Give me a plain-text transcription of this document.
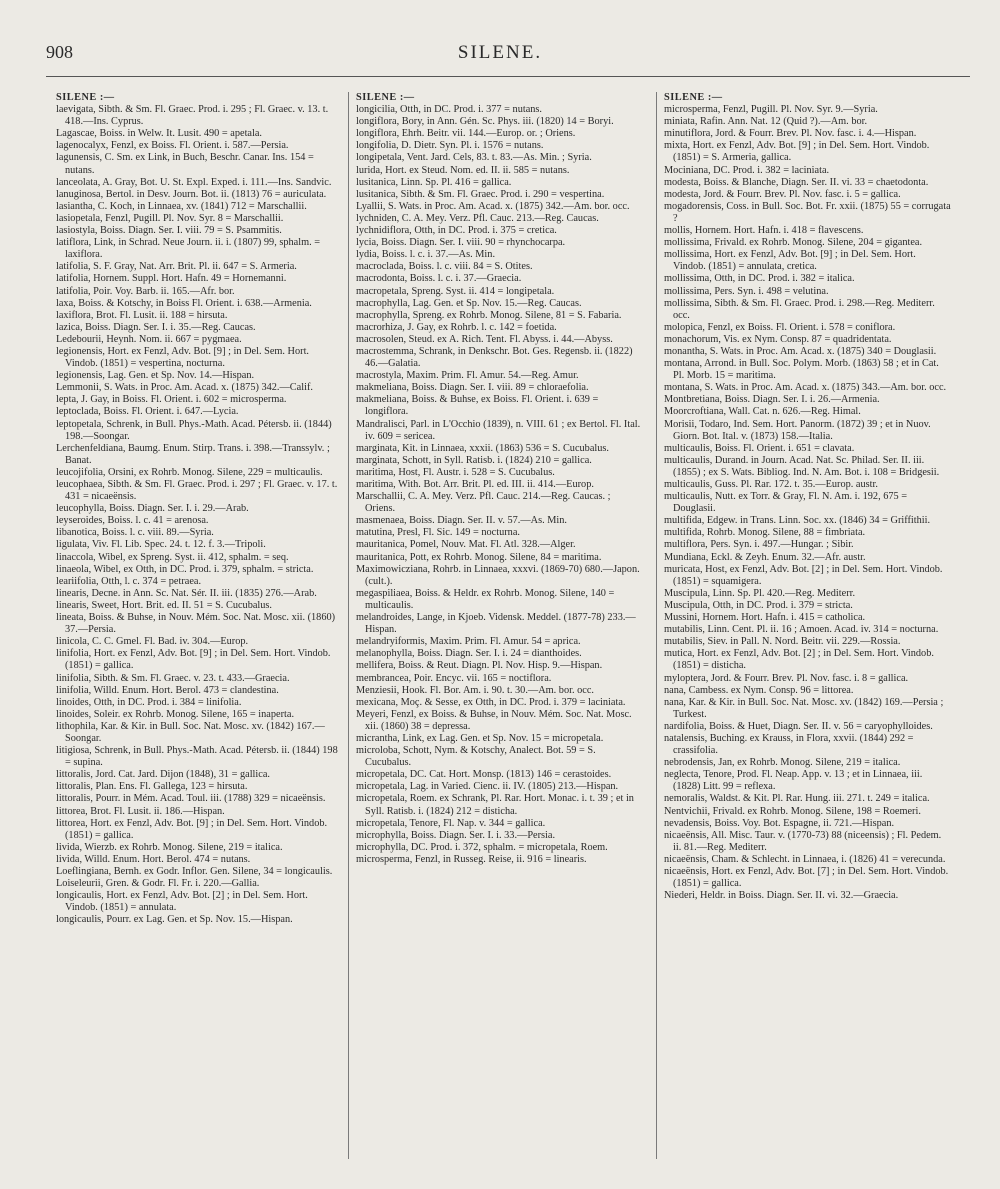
908	SILENE.
SILENE :—
laevigata, Sibth. & Sm. Fl. Graec. Prod. i. 295 ; Fl. Graec. v. 13. t. 418.—Ins. Cyprus.
Lagascae, Boiss. in Welw. It. Lusit. 490 = apetala.
lagenocalyx, Fenzl, ex Boiss. Fl. Orient. i. 587.—Persia.
lagunensis, C. Sm. ex Link, in Buch, Beschr. Canar. Ins. 154 = nutans.
lanceolata, A. Gray, Bot. U. St. Expl. Exped. i. 111.—Ins. Sandvic.
lanuginosa, Bertol. in Desv. Journ. Bot. ii. (1813) 76 = auriculata.
lasiantha, C. Koch, in Linnaea, xv. (1841) 712 = Marschallii.
lasiopetala, Fenzl, Pugill. Pl. Nov. Syr. 8 = Marschallii.
lasiostyla, Boiss. Diagn. Ser. I. viii. 79 = S. Psammitis.
latiflora, Link, in Schrad. Neue Journ. ii. i. (1807) 99, sphalm. = laxiflora.
latifolia, S. F. Gray, Nat. Arr. Brit. Pl. ii. 647 = S. Armeria.
latifolia, Hornem. Suppl. Hort. Hafn. 49 = Hornemanni.
latifolia, Poir. Voy. Barb. ii. 165.—Afr. bor.
laxa, Boiss. & Kotschy, in Boiss Fl. Orient. i. 638.—Armenia.
laxiflora, Brot. Fl. Lusit. ii. 188 = hirsuta.
lazica, Boiss. Diagn. Ser. I. i. 35.—Reg. Caucas.
Ledebourii, Heynh. Nom. ii. 667 = pygmaea.
legionensis, Hort. ex Fenzl, Adv. Bot. [9] ; in Del. Sem. Hort. Vindob. (1851) = vespertina, nocturna.
legionensis, Lag. Gen. et Sp. Nov. 14.—Hispan.
Lemmonii, S. Wats. in Proc. Am. Acad. x. (1875) 342.—Calif.
lepta, J. Gay, in Boiss. Fl. Orient. i. 602 = microsperma.
leptoclada, Boiss. Fl. Orient. i. 647.—Lycia.
leptopetala, Schrenk, in Bull. Phys.-Math. Acad. Pétersb. ii. (1844) 198.—Soongar.
Lerchenfeldiana, Baumg. Enum. Stirp. Trans. i. 398.—Transsylv. ; Banat.
leucojifolia, Orsini, ex Rohrb. Monog. Silene, 229 = multicaulis.
leucophaea, Sibth. & Sm. Fl. Graec. Prod. i. 297 ; Fl. Graec. v. 17. t. 431 = nicaeënsis.
leucophylla, Boiss. Diagn. Ser. I. i. 29.—Arab.
leyseroides, Boiss. l. c. 41 = arenosa.
libanotica, Boiss. l. c. viii. 89.—Syria.
ligulata, Viv. Fl. Lib. Spec. 24. t. 12. f. 3.—Tripoli.
linaccola, Wibel, ex Spreng. Syst. ii. 412, sphalm. = seq.
linaeola, Wibel, ex Otth, in DC. Prod. i. 379, sphalm. = stricta.
leariifolia, Otth, l. c. 374 = petraea.
linearis, Decne. in Ann. Sc. Nat. Sér. II. iii. (1835) 276.—Arab.
linearis, Sweet, Hort. Brit. ed. II. 51 = S. Cucubalus.
lineata, Boiss. & Buhse, in Nouv. Mém. Soc. Nat. Mosc. xii. (1860) 37.—Persia.
linicola, C. C. Gmel. Fl. Bad. iv. 304.—Europ.
linifolia, Hort. ex Fenzl, Adv. Bot. [9] ; in Del. Sem. Hort. Vindob. (1851) = gallica.
linifolia, Sibth. & Sm. Fl. Graec. v. 23. t. 433.—Graecia.
linifolia, Willd. Enum. Hort. Berol. 473 = clandestina.
linoides, Otth, in DC. Prod. i. 384 = linifolia.
linoides, Soleir. ex Rohrb. Monog. Silene, 165 = inaperta.
lithophila, Kar. & Kir. in Bull. Soc. Nat. Mosc. xv. (1842) 167.—Soongar.
litigiosa, Schrenk, in Bull. Phys.-Math. Acad. Pétersb. ii. (1844) 198 = supina.
littoralis, Jord. Cat. Jard. Dijon (1848), 31 = gallica.
littoralis, Plan. Ens. Fl. Gallega, 123 = hirsuta.
littoralis, Pourr. in Mém. Acad. Toul. iii. (1788) 329 = nicaeënsis.
littorea, Brot. Fl. Lusit. ii. 186.—Hispan.
littorea, Hort. ex Fenzl, Adv. Bot. [9] ; in Del. Sem. Hort. Vindob. (1851) = gallica.
livida, Wierzb. ex Rohrb. Monog. Silene, 219 = italica.
livida, Willd. Enum. Hort. Berol. 474 = nutans.
Loeflingiana, Bernh. ex Godr. Inflor. Gen. Silene, 34 = longicaulis.
Loiseleurii, Gren. & Godr. Fl. Fr. i. 220.—Gallia.
longicaulis, Hort. ex Fenzl, Adv. Bot. [2] ; in Del. Sem. Hort. Vindob. (1851) = annulata.
longicaulis, Pourr. ex Lag. Gen. et Sp. Nov. 15.—Hispan.
SILENE :—
longicilia, Otth, in DC. Prod. i. 377 = nutans.
longiflora, Bory, in Ann. Gén. Sc. Phys. iii. (1820) 14 = Boryi.
longiflora, Ehrh. Beitr. vii. 144.—Europ. or. ; Oriens.
longifolia, D. Dietr. Syn. Pl. i. 1576 = nutans.
longipetala, Vent. Jard. Cels, 83. t. 83.—As. Min. ; Syria.
lurida, Hort. ex Steud. Nom. ed. II. ii. 585 = nutans.
lusitanica, Linn. Sp. Pl. 416 = gallica.
lusitanica, Sibth. & Sm. Fl. Graec. Prod. i. 290 = vespertina.
Lyallii, S. Wats. in Proc. Am. Acad. x. (1875) 342.—Am. bor. occ.
lychniden, C. A. Mey. Verz. Pfl. Cauc. 213.—Reg. Caucas.
lychnidiflora, Otth, in DC. Prod. i. 375 = cretica.
lycia, Boiss. Diagn. Ser. I. viii. 90 = rhynchocarpa.
lydia, Boiss. l. c. i. 37.—As. Min.
macroclada, Boiss. l. c. viii. 84 = S. Otites.
macrodonta, Boiss. l. c. i. 37.—Graecia.
macropetala, Spreng. Syst. ii. 414 = longipetala.
macrophylla, Lag. Gen. et Sp. Nov. 15.—Reg. Caucas.
macrophylla, Spreng. ex Rohrb. Monog. Silene, 81 = S. Fabaria.
macrorhiza, J. Gay, ex Rohrb. l. c. 142 = foetida.
macrosolen, Steud. ex A. Rich. Tent. Fl. Abyss. i. 44.—Abyss.
macrostemma, Schrank, in Denkschr. Bot. Ges. Regensb. ii. (1822) 46.—Galatia.
macrostyla, Maxim. Prim. Fl. Amur. 54.—Reg. Amur.
makmeliana, Boiss. Diagn. Ser. I. viii. 89 = chloraefolia.
makmeliana, Boiss. & Buhse, ex Boiss. Fl. Orient. i. 639 = longiflora.
Mandralisci, Parl. in L'Occhio (1839), n. VIII. 61 ; ex Bertol. Fl. Ital. iv. 609 = sericea.
marginata, Kit. in Linnaea, xxxii. (1863) 536 = S. Cucubalus.
marginata, Schott, in Syll. Ratisb. i. (1824) 210 = gallica.
maritima, Host, Fl. Austr. i. 528 = S. Cucubalus.
maritima, With. Bot. Arr. Brit. Pl. ed. III. ii. 414.—Europ.
Marschallii, C. A. Mey. Verz. Pfl. Cauc. 214.—Reg. Caucas. ; Oriens.
masmenaea, Boiss. Diagn. Ser. II. v. 57.—As. Min.
matutina, Presl, Fl. Sic. 149 = nocturna.
mauritanica, Pomel, Nouv. Mat. Fl. Atl. 328.—Alger.
mauritanica, Pott, ex Rohrb. Monog. Silene, 84 = maritima.
Maximowicziana, Rohrb. in Linnaea, xxxvi. (1869-70) 680.—Japon. (cult.).
megaspiliaea, Boiss. & Heldr. ex Rohrb. Monog. Silene, 140 = multicaulis.
melandroides, Lange, in Kjoeb. Vidensk. Meddel. (1877-78) 233.—Hispan.
melandryiformis, Maxim. Prim. Fl. Amur. 54 = aprica.
melanophylla, Boiss. Diagn. Ser. I. i. 24 = dianthoides.
mellifera, Boiss. & Reut. Diagn. Pl. Nov. Hisp. 9.—Hispan.
membrancea, Poir. Encyc. vii. 165 = noctiflora.
Menziesii, Hook. Fl. Bor. Am. i. 90. t. 30.—Am. bor. occ.
mexicana, Moç. & Sesse, ex Otth, in DC. Prod. i. 379 = laciniata.
Meyeri, Fenzl, ex Boiss. & Buhse, in Nouv. Mém. Soc. Nat. Mosc. xii. (1860) 38 = depressa.
micrantha, Link, ex Lag. Gen. et Sp. Nov. 15 = micropetala.
microloba, Schott, Nym. & Kotschy, Analect. Bot. 59 = S. Cucubalus.
micropetala, DC. Cat. Hort. Monsp. (1813) 146 = cerastoides.
micropetala, Lag. in Varied. Cienc. ii. IV. (1805) 213.—Hispan.
micropetala, Roem. ex Schrank, Pl. Rar. Hort. Monac. i. t. 39 ; et in Syll. Ratisb. i. (1824) 212 = disticha.
micropetala, Tenore, Fl. Nap. v. 344 = gallica.
microphylla, Boiss. Diagn. Ser. I. i. 33.—Persia.
microphylla, DC. Prod. i. 372, sphalm. = micropetala, Roem.
microsperma, Fenzl, in Russeg. Reise, ii. 916 = linearis.
SILENE :—
microsperma, Fenzl, Pugill. Pl. Nov. Syr. 9.—Syria.
miniata, Rafin. Ann. Nat. 12 (Quid ?).—Am. bor.
minutiflora, Jord. & Fourr. Brev. Pl. Nov. fasc. i. 4.—Hispan.
mixta, Hort. ex Fenzl, Adv. Bot. [9] ; in Del. Sem. Hort. Vindob. (1851) = S. Armeria, gallica.
Mociniana, DC. Prod. i. 382 = laciniata.
modesta, Boiss. & Blanche, Diagn. Ser. II. vi. 33 = chaetodonta.
modesta, Jord. & Fourr. Brev. Pl. Nov. fasc. i. 5 = gallica.
mogadorensis, Coss. in Bull. Soc. Bot. Fr. xxii. (1875) 55 = corrugata ?
mollis, Hornem. Hort. Hafn. i. 418 = flavescens.
mollissima, Frivald. ex Rohrb. Monog. Silene, 204 = gigantea.
mollissima, Hort. ex Fenzl, Adv. Bot. [9] ; in Del. Sem. Hort. Vindob. (1851) = annulata, cretica.
mollissima, Otth, in DC. Prod. i. 382 = italica.
mollissima, Pers. Syn. i. 498 = velutina.
mollissima, Sibth. & Sm. Fl. Graec. Prod. i. 298.—Reg. Mediterr. occ.
molopica, Fenzl, ex Boiss. Fl. Orient. i. 578 = coniflora.
monachorum, Vis. ex Nym. Consp. 87 = quadridentata.
monantha, S. Wats. in Proc. Am. Acad. x. (1875) 340 = Douglasii.
montana, Arrond. in Bull. Soc. Polym. Morb. (1863) 58 ; et in Cat. Pl. Morb. 15 = maritima.
montana, S. Wats. in Proc. Am. Acad. x. (1875) 343.—Am. bor. occ.
Montbretiana, Boiss. Diagn. Ser. I. i. 26.—Armenia.
Moorcroftiana, Wall. Cat. n. 626.—Reg. Himal.
Morisii, Todaro, Ind. Sem. Hort. Panorm. (1872) 39 ; et in Nuov. Giorn. Bot. Ital. v. (1873) 158.—Italia.
multicaulis, Boiss. Fl. Orient. i. 651 = clavata.
multicaulis, Durand. in Journ. Acad. Nat. Sc. Philad. Ser. II. iii. (1855) ; ex S. Wats. Bibliog. Ind. N. Am. Bot. i. 108 = Bridgesii.
multicaulis, Guss. Pl. Rar. 172. t. 35.—Europ. austr.
multicaulis, Nutt. ex Torr. & Gray, Fl. N. Am. i. 192, 675 = Douglasii.
multifida, Edgew. in Trans. Linn. Soc. xx. (1846) 34 = Griffithii.
multifida, Rohrb. Monog. Silene, 88 = fimbriata.
multiflora, Pers. Syn. i. 497.—Hungar. ; Sibir.
Mundiana, Eckl. & Zeyh. Enum. 32.—Afr. austr.
muricata, Host, ex Fenzl, Adv. Bot. [2] ; in Del. Sem. Hort. Vindob. (1851) = squamigera.
Muscipula, Linn. Sp. Pl. 420.—Reg. Mediterr.
Muscipula, Otth, in DC. Prod. i. 379 = stricta.
Mussini, Hornem. Hort. Hafn. i. 415 = catholica.
mutabilis, Linn. Cent. Pl. ii. 16 ; Amoen. Acad. iv. 314 = nocturna.
mutabilis, Siev. in Pall. N. Nord. Beitr. vii. 229.—Rossia.
mutica, Hort. ex Fenzl, Adv. Bot. [2] ; in Del. Sem. Hort. Vindob. (1851) = disticha.
myloptera, Jord. & Fourr. Brev. Pl. Nov. fasc. i. 8 = gallica.
nana, Cambess. ex Nym. Consp. 96 = littorea.
nana, Kar. & Kir. in Bull. Soc. Nat. Mosc. xv. (1842) 169.—Persia ; Turkest.
nardifolia, Boiss. & Huet, Diagn. Ser. II. v. 56 = caryophylloides.
natalensis, Buching. ex Krauss, in Flora, xxvii. (1844) 292 = crassifolia.
nebrodensis, Jan, ex Rohrb. Monog. Silene, 219 = italica.
neglecta, Tenore, Prod. Fl. Neap. App. v. 13 ; et in Linnaea, iii. (1828) Litt. 99 = reflexa.
nemoralis, Waldst. & Kit. Pl. Rar. Hung. iii. 271. t. 249 = italica.
Nentvichii, Frivald. ex Rohrb. Monog. Silene, 198 = Roemeri.
nevadensis, Boiss. Voy. Bot. Espagne, ii. 721.—Hispan.
nicaeënsis, All. Misc. Taur. v. (1770-73) 88 (niceensis) ; Fl. Pedem. ii. 81.—Reg. Mediterr.
nicaeënsis, Cham. & Schlecht. in Linnaea, i. (1826) 41 = verecunda.
nicaeënsis, Hort. ex Fenzl, Adv. Bot. [7] ; in Del. Sem. Hort. Vindob. (1851) = gallica.
Niederi, Heldr. in Boiss. Diagn. Ser. II. vi. 32.—Graecia.
